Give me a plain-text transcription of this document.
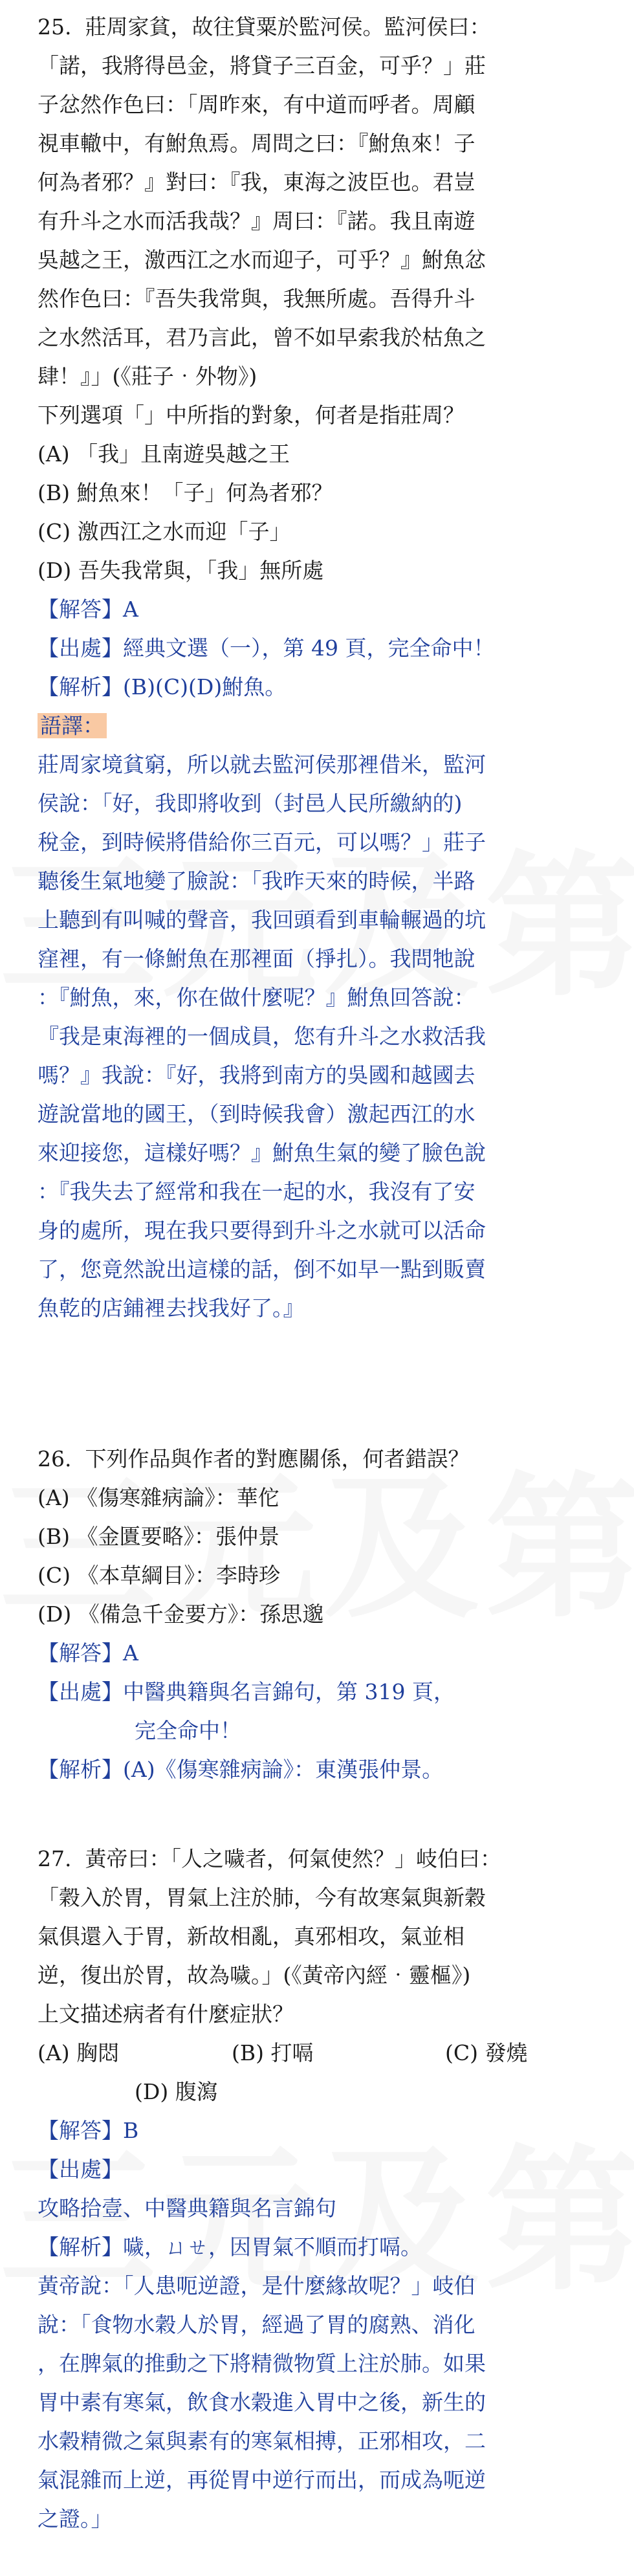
25. 莊周家貧，故往貸粟於監河侯。監河侯曰：

「諾，我將得邑金，將貸子三百金，可乎？」莊

子忿然作色曰：「周昨來，有中道而呼者。周顧

視車轍中，有鮒魚焉。周問之曰：『鮒魚來！子

何為者邪？』對曰：『我，東海之波臣也。君豈

有升斗之水而活我哉？』周曰：『諾。我且南遊

吳越之王，激西江之水而迎子，可乎？』鮒魚忿

然作色曰：『吾失我常與，我無所處。吾得升斗

之水然活耳，君乃言此，曾不如早索我於枯魚之

肆！』」(《莊子‧外物》)

下列選項「」中所指的對象，何者是指莊周？

(A) 「我」且南遊吳越之王

(B) 鮒魚來！「子」何為者邪？

(C) 激西江之水而迎「子」

(D) 吾失我常與，「我」無所處

【解答】A

【出處】經典文選（一），第 49 頁，完全命中！

【解析】(B)(C)(D)鮒魚。

語譯：

莊周家境貧窮，所以就去監河侯那裡借米，監河

侯說：「好，我即將收到（封邑人民所繳納的)

稅金，到時候將借給你三百元，可以嗎？」莊子

聽後生氣地變了臉說：「我昨天來的時候，半路

上聽到有叫喊的聲音，我回頭看到車輪輾過的坑

窪裡，有一條鮒魚在那裡面（掙扎）。我問牠說

：『鮒魚，來，你在做什麼呢？』鮒魚回答說：

『我是東海裡的一個成員，您有升斗之水救活我

嗎？』我說：『好，我將到南方的吳國和越國去

遊說當地的國王，（到時候我會）激起西江的水

來迎接您，這樣好嗎？』鮒魚生氣的變了臉色說

：『我失去了經常和我在一起的水，我沒有了安

身的處所，現在我只要得到升斗之水就可以活命

了，您竟然說出這樣的話，倒不如早一點到販賣

魚乾的店鋪裡去找我好了。』

26. 下列作品與作者的對應關係，何者錯誤？

(A) 《傷寒雜病論》：華佗

(B) 《金匱要略》：張仲景

(C) 《本草綱目》：李時珍

(D) 《備急千金要方》：孫思邈

【解答】A

【出處】中醫典籍與名言錦句，第 319 頁，

完全命中！

【解析】(A)《傷寒雜病論》：東漢張仲景。

27. 黃帝曰：「人之噦者，何氣使然？」岐伯曰：

「穀入於胃，胃氣上注於肺，今有故寒氣與新穀

氣俱還入于胃，新故相亂，真邪相攻，氣並相

逆，復出於胃，故為噦。」(《黃帝內經‧靈樞》)

上文描述病者有什麼症狀？

(A) 胸悶	(B) 打嗝	(C) 發燒

(D) 腹瀉

【解答】B

【出處】

攻略拾壹、中醫典籍與名言錦句

【解析】噦，ㄩㄝ，因胃氣不順而打嗝。

黃帝說：「人患呃逆證，是什麼緣故呢？」岐伯

說：「食物水穀人於胃，經過了胃的腐熟、消化

，在脾氣的推動之下將精微物質上注於肺。如果

胃中素有寒氣，飲食水穀進入胃中之後，新生的

水穀精微之氣與素有的寒氣相搏，正邪相攻，二

氣混雜而上逆，再從胃中逆行而出，而成為呃逆

之證。」
